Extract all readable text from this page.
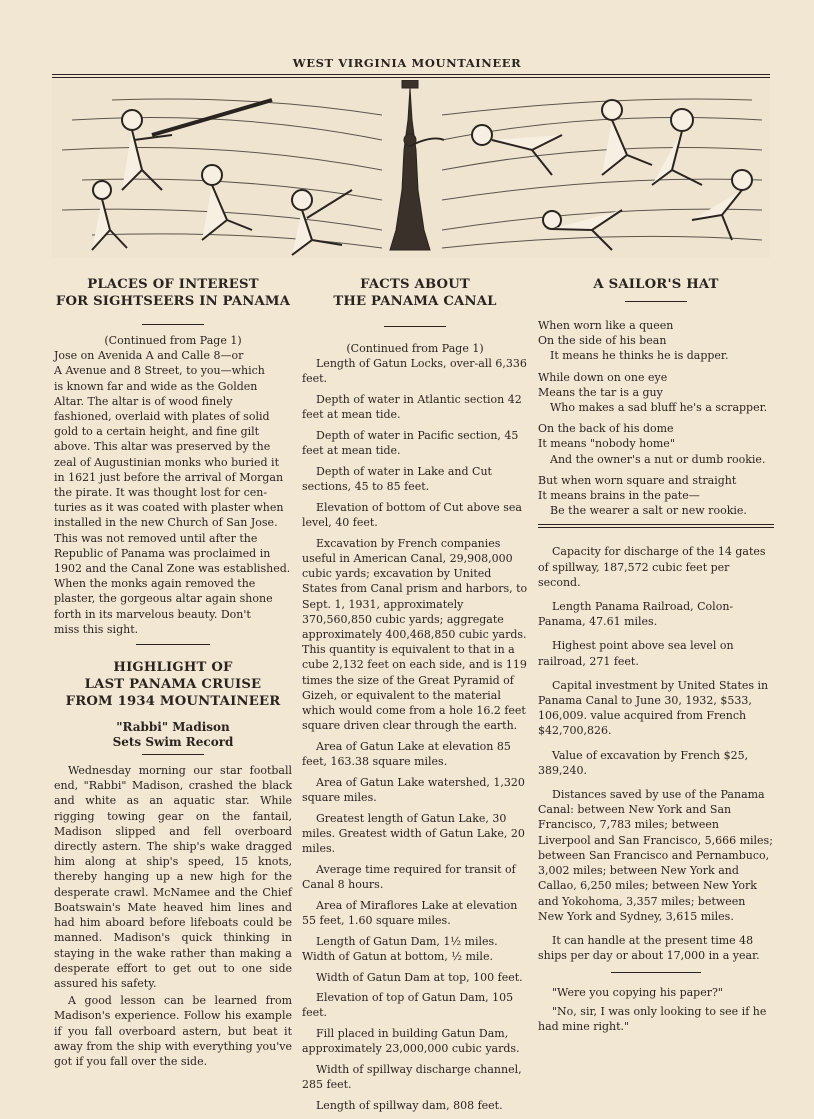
WEST VIRGINIA MOUNTAINEER

PLACES OF INTEREST

FOR SIGHTSEERS IN PANAMA

(Continued from Page 1)

Jose on Avenida A and Calle 8—or

A Avenue and 8 Street, to you—which

is known far and wide as the Golden

Altar. The altar is of wood finely

fashioned, overlaid with plates of solid

gold to a certain height, and fine gilt

above. This altar was preserved by the

zeal of Augustinian monks who buried it

in 1621 just before the arrival of Morgan

the pirate. It was thought lost for cen-

turies as it was coated with plaster when

installed in the new Church of San Jose.

This was not removed until after the

Republic of Panama was proclaimed in

1902 and the Canal Zone was established.

When the monks again removed the

plaster, the gorgeous altar again shone

forth in its marvelous beauty. Don't

miss this sight.

HIGHLIGHT OF

LAST PANAMA CRUISE

FROM 1934 MOUNTAINEER

"Rabbi" Madison

Sets Swim Record

Wednesday morning our star football end, "Rabbi" Madison, crashed the black and white as an aquatic star. While rigging towing gear on the fantail, Madison slipped and fell overboard directly astern. The ship's wake dragged him along at ship's speed, 15 knots, thereby hanging up a new high for the desperate crawl. McNamee and the Chief Boatswain's Mate heaved him lines and had him aboard before lifeboats could be manned. Madison's quick thinking in staying in the wake rather than making a desperate effort to get out to one side assured his safety.

A good lesson can be learned from Madison's experience. Follow his example if you fall overboard astern, but beat it away from the ship with everything you've got if you fall over the side.

FACTS ABOUT

THE PANAMA CANAL

(Continued from Page 1)

Length of Gatun Locks, over-all 6,336 feet.

Depth of water in Atlantic section 42 feet at mean tide.

Depth of water in Pacific section, 45 feet at mean tide.

Depth of water in Lake and Cut sections, 45 to 85 feet.

Elevation of bottom of Cut above sea level, 40 feet.

Excavation by French companies useful in American Canal, 29,908,000 cubic yards; excavation by United States from Canal prism and harbors, to Sept. 1, 1931, approximately 370,560,850 cubic yards; aggregate approximately 400,468,850 cubic yards. This quantity is equivalent to that in a cube 2,132 feet on each side, and is 119 times the size of the Great Pyramid of Gizeh, or equivalent to the material which would come from a hole 16.2 feet square driven clear through the earth.

Area of Gatun Lake at elevation 85 feet, 163.38 square miles.

Area of Gatun Lake watershed, 1,320 square miles.

Greatest length of Gatun Lake, 30 miles. Greatest width of Gatun Lake, 20 miles.

Average time required for transit of Canal 8 hours.

Area of Miraflores Lake at elevation 55 feet, 1.60 square miles.

Length of Gatun Dam, 1½ miles. Width of Gatun at bottom, ½ mile.

Width of Gatun Dam at top, 100 feet.

Elevation of top of Gatun Dam, 105 feet.

Fill placed in building Gatun Dam, approximately 23,000,000 cubic yards.

Width of spillway discharge channel, 285 feet.

Length of spillway dam, 808 feet.

A SAILOR'S HAT

When worn like a queen

On the side of his bean

It means he thinks he is dapper.

While down on one eye

Means the tar is a guy

Who makes a sad bluff he's a scrapper.

On the back of his dome

It means "nobody home"

And the owner's a nut or dumb rookie.

But when worn square and straight

It means brains in the pate—

Be the wearer a salt or new rookie.

Capacity for discharge of the 14 gates of spillway, 187,572 cubic feet per second.

Length Panama Railroad, Colon-Panama, 47.61 miles.

Highest point above sea level on railroad, 271 feet.

Capital investment by United States in Panama Canal to June 30, 1932, $533, 106,009. value acquired from French $42,700,826.

Value of excavation by French $25, 389,240.

Distances saved by use of the Panama Canal: between New York and San Francisco, 7,783 miles; between Liverpool and San Francisco, 5,666 miles; between San Francisco and Pernambuco, 3,002 miles; between New York and Callao, 6,250 miles; between New York and Yokohoma, 3,357 miles; between New York and Sydney, 3,615 miles.

It can handle at the present time 48 ships per day or about 17,000 in a year.

"Were you copying his paper?"

"No, sir, I was only looking to see if he had mine right."
